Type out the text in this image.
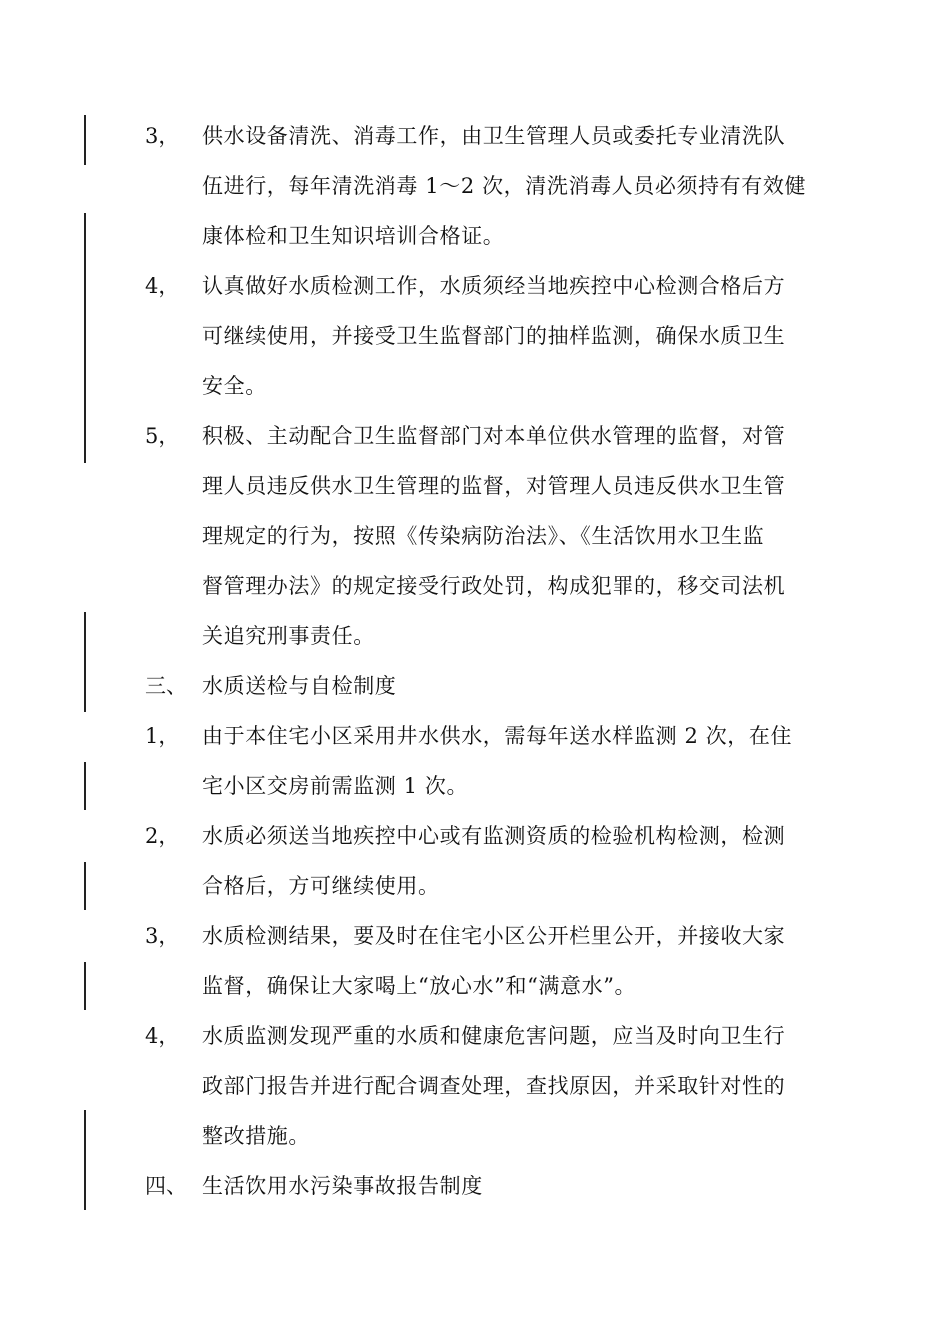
3，	供水设备清洗、消毒工作，由卫生管理人员或委托专业清洗队
伍进行，每年清洗消毒 1～2 次，清洗消毒人员必须持有有效健
康体检和卫生知识培训合格证。
4，	认真做好水质检测工作，水质须经当地疾控中心检测合格后方
可继续使用，并接受卫生监督部门的抽样监测，确保水质卫生
安全。
5，	积极、主动配合卫生监督部门对本单位供水管理的监督，对管
理人员违反供水卫生管理的监督，对管理人员违反供水卫生管
理规定的行为，按照《传染病防治法》、《生活饮用水卫生监
督管理办法》的规定接受行政处罚，构成犯罪的，移交司法机
关追究刑事责任。
三、 水质送检与自检制度
1，	由于本住宅小区采用井水供水，需每年送水样监测 2 次，在住
宅小区交房前需监测 1 次。
2，	水质必须送当地疾控中心或有监测资质的检验机构检测，检测
合格后，方可继续使用。
3，	水质检测结果，要及时在住宅小区公开栏里公开，并接收大家
监督，确保让大家喝上“放心水”和“满意水”。
4，	水质监测发现严重的水质和健康危害问题，应当及时向卫生行
政部门报告并进行配合调查处理，查找原因，并采取针对性的
整改措施。
四、 生活饮用水污染事故报告制度
